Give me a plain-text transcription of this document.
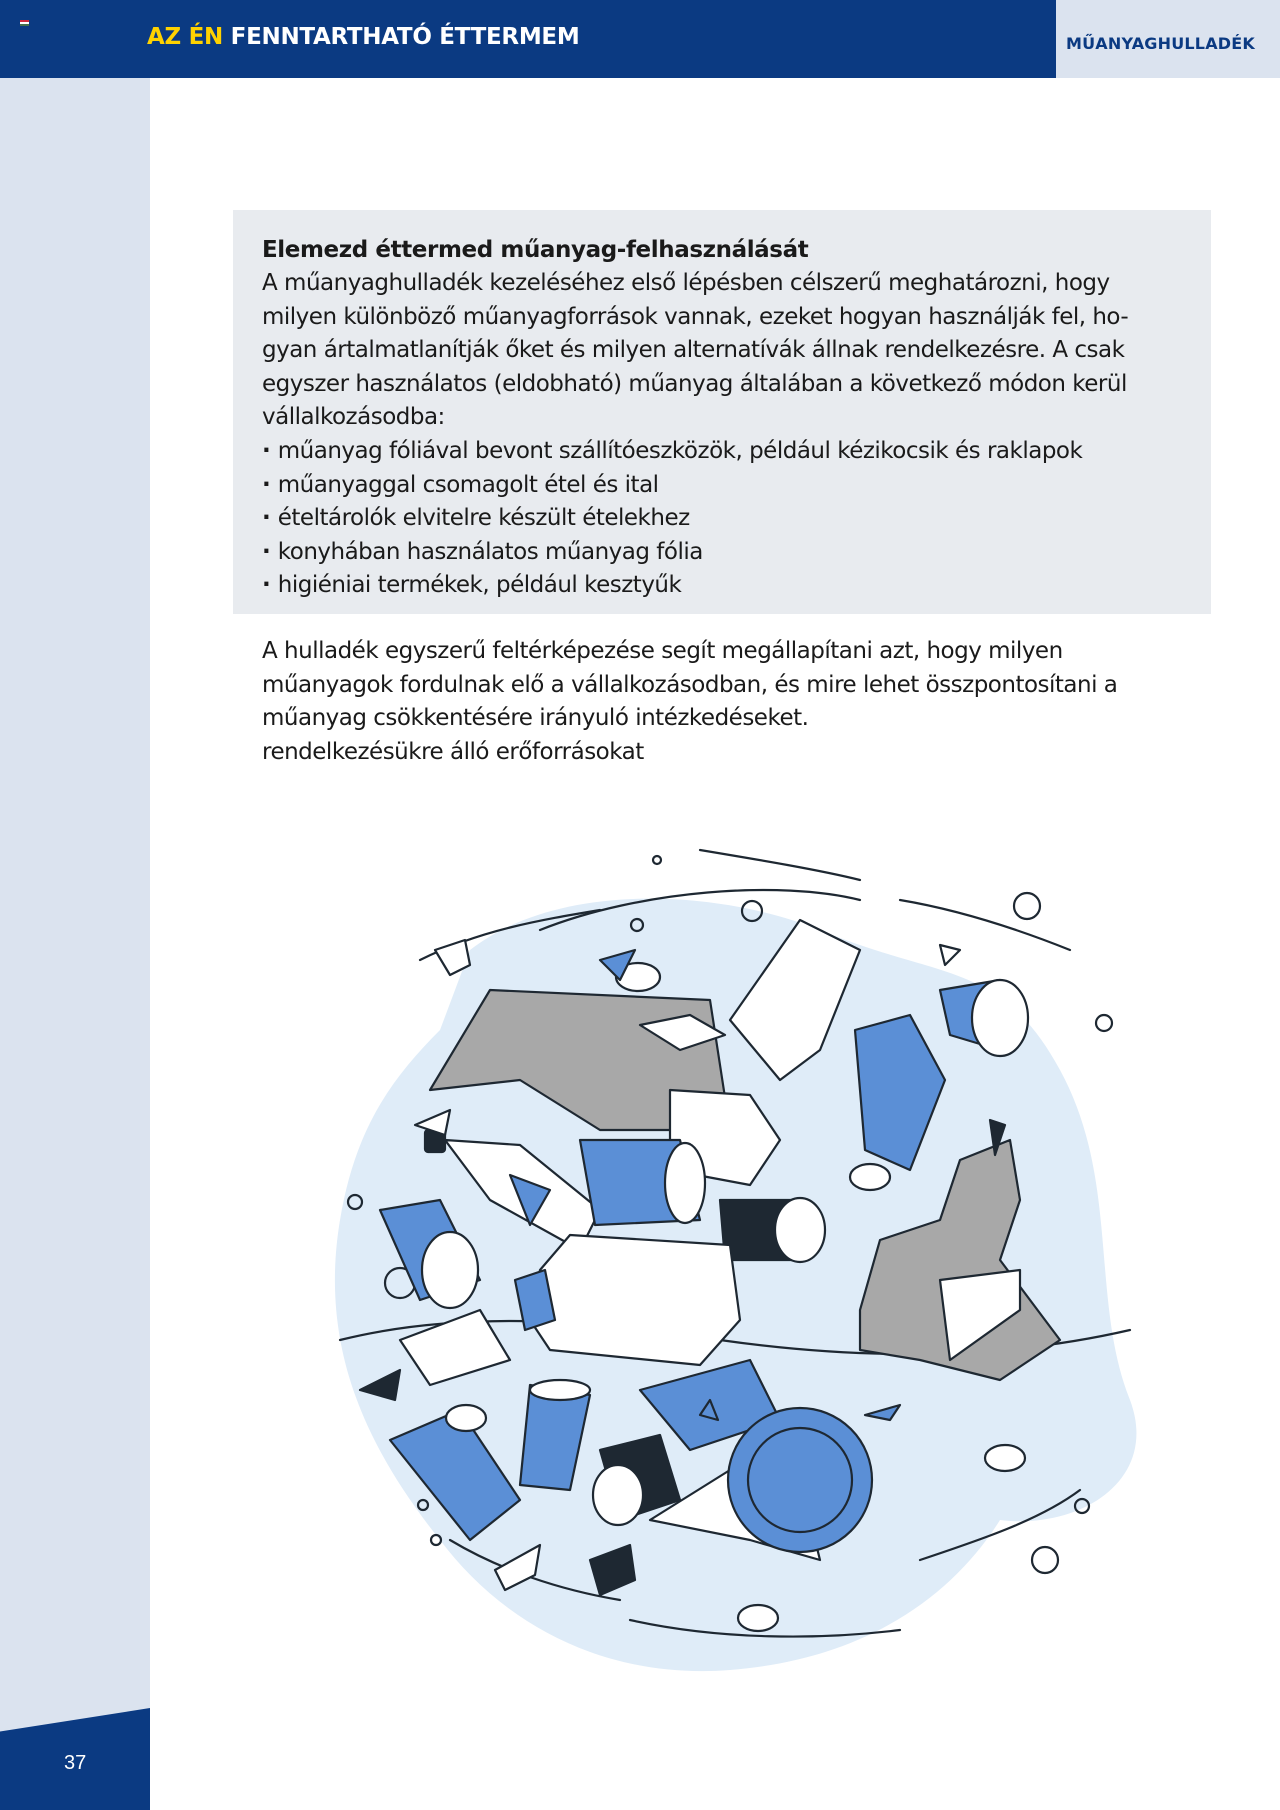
AZ ÉN FENNTARTHATÓ ÉTTERMEM	MŰANYAGHULLADÉK
37
Elemezd éttermed műanyag-felhasználását

A műanyaghulladék kezeléséhez első lépésben célszerű meghatározni, hogy
milyen különböző műanyagforrások vannak, ezeket hogyan használják fel, ho-
gyan ártalmatlanítják őket és milyen alternatívák állnak rendelkezésre. A csak
egyszer használatos (eldobható) műanyag általában a következő módon kerül
vállalkozásodba:

· műanyag fóliával bevont szállítóeszközök, például kézikocsik és raklapok
· műanyaggal csomagolt étel és ital
· ételtárolók elvitelre készült ételekhez
· konyhában használatos műanyag fólia
· higiéniai termékek, például kesztyűk

A hulladék egyszerű feltérképezése segít megállapítani azt, hogy milyen
műanyagok fordulnak elő a vállalkozásodban, és mire lehet összpontosítani a
műanyag csökkentésére irányuló intézkedéseket.
rendelkezésükre álló erőforrásokat
